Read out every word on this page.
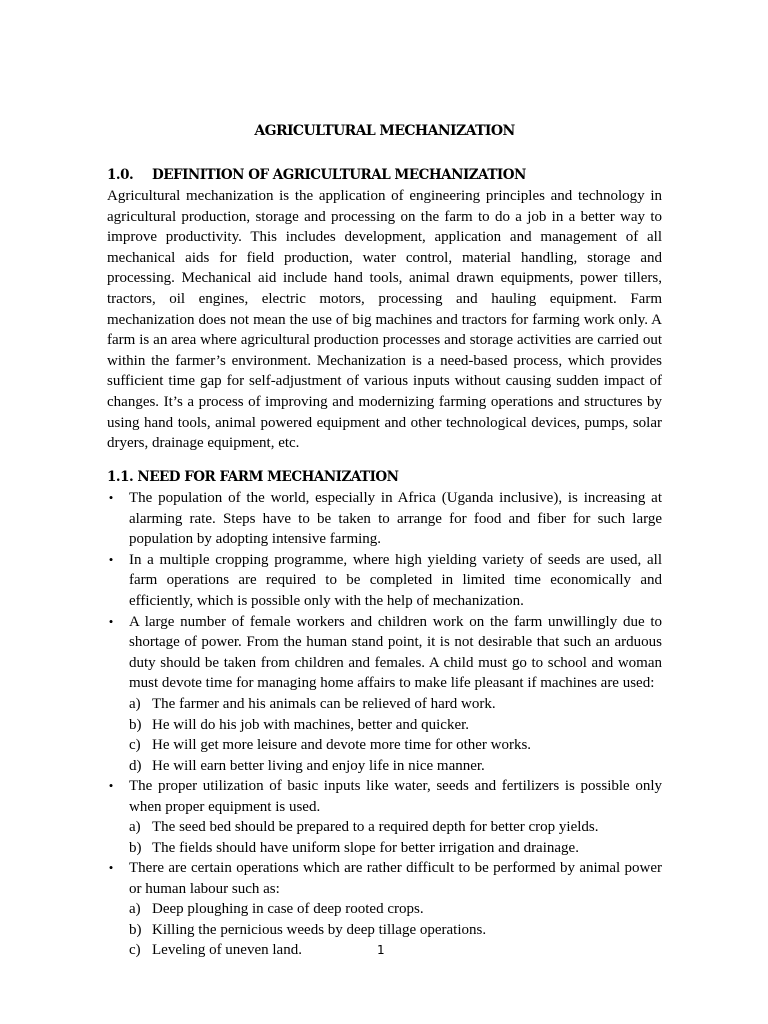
AGRICULTURAL MECHANIZATION
1.0. DEFINITION OF AGRICULTURAL MECHANIZATION

Agricultural mechanization is the application of engineering principles and technology in agricultural production, storage and processing on the farm to do a job in a better way to improve productivity. This includes development, application and management of all mechanical aids for field production, water control, material handling, storage and processing. Mechanical aid include hand tools, animal drawn equipments, power tillers, tractors, oil engines, electric motors, processing and hauling equipment. Farm mechanization does not mean the use of big machines and tractors for farming work only. A farm is an area where agricultural production processes and storage activities are carried out within the farmer’s environment. Mechanization is a need-based process, which provides sufficient time gap for self-adjustment of various inputs without causing sudden impact of changes. It’s a process of improving and modernizing farming operations and structures by using hand tools, animal powered equipment and other technological devices, pumps, solar dryers, drainage equipment, etc.

1.1. NEED FOR FARM MECHANIZATION
• The population of the world, especially in Africa (Uganda inclusive), is increasing at alarming rate. Steps have to be taken to arrange for food and fiber for such large population by adopting intensive farming.
• In a multiple cropping programme, where high yielding variety of seeds are used, all farm operations are required to be completed in limited time economically and efficiently, which is possible only with the help of mechanization.
• A large number of female workers and children work on the farm unwillingly due to shortage of power. From the human stand point, it is not desirable that such an arduous duty should be taken from children and females. A child must go to school and woman must devote time for managing home affairs to make life pleasant if machines are used:
a) The farmer and his animals can be relieved of hard work.
b) He will do his job with machines, better and quicker.
c) He will get more leisure and devote more time for other works.
d) He will earn better living and enjoy life in nice manner.
• The proper utilization of basic inputs like water, seeds and fertilizers is possible only when proper equipment is used.
a) The seed bed should be prepared to a required depth for better crop yields.
b) The fields should have uniform slope for better irrigation and drainage.
• There are certain operations which are rather difficult to be performed by animal power or human labour such as:
a) Deep ploughing in case of deep rooted crops.
b) Killing the pernicious weeds by deep tillage operations.
c) Leveling of uneven land.	1
